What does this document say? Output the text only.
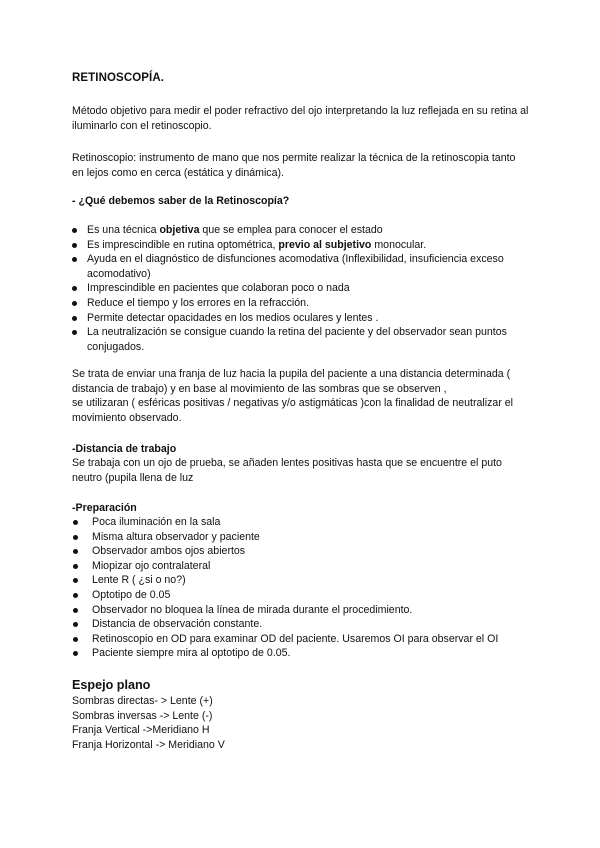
RETINOSCOPÍA.

Método objetivo para medir el poder refractivo del ojo interpretando la luz reflejada en su retina al iluminarlo con el retinoscopio.

Retinoscopio: instrumento de mano que nos permite realizar la técnica de la retinoscopia tanto en lejos como en cerca (estática y dinámica).

- ¿Qué debemos saber de la Retinoscopía?

Es una técnica objetiva que se emplea para conocer el estado
Es imprescindible en rutina optométrica, previo al subjetivo monocular.
Ayuda en el diagnóstico de disfunciones acomodativa (Inflexibilidad, insuficiencia exceso acomodativo)
Imprescindible en pacientes que colaboran poco o nada
Reduce el tiempo y los errores en la refracción.
Permite detectar opacidades en los medios oculares y lentes .
La neutralización se consigue cuando la retina del paciente y del observador sean puntos conjugados.

Se trata de enviar una franja de luz hacia la pupila del paciente a una distancia determinada ( distancia de trabajo) y en base al movimiento de las sombras que se observen ,

se utilizaran ( esféricas positivas / negativas y/o astigmáticas )con la finalidad de neutralizar el movimiento observado.

-Distancia de trabajo

Se trabaja con un ojo de prueba, se añaden lentes positivas hasta que se encuentre el puto neutro (pupila llena de luz

-Preparación

Poca iluminación en la sala
Misma altura observador y paciente
Observador ambos ojos abiertos
Miopizar ojo contralateral
Lente R ( ¿si o no?)
Optotipo de 0.05
Observador no bloquea la línea de mirada durante el procedimiento.
Distancia de observación constante.
Retinoscopio en OD para examinar OD del paciente. Usaremos OI para observar el OI
Paciente siempre mira al optotipo de 0.05.

Espejo plano

Sombras directas- > Lente (+)

Sombras inversas -> Lente (-)

Franja Vertical ->Meridiano H

Franja Horizontal -> Meridiano V
